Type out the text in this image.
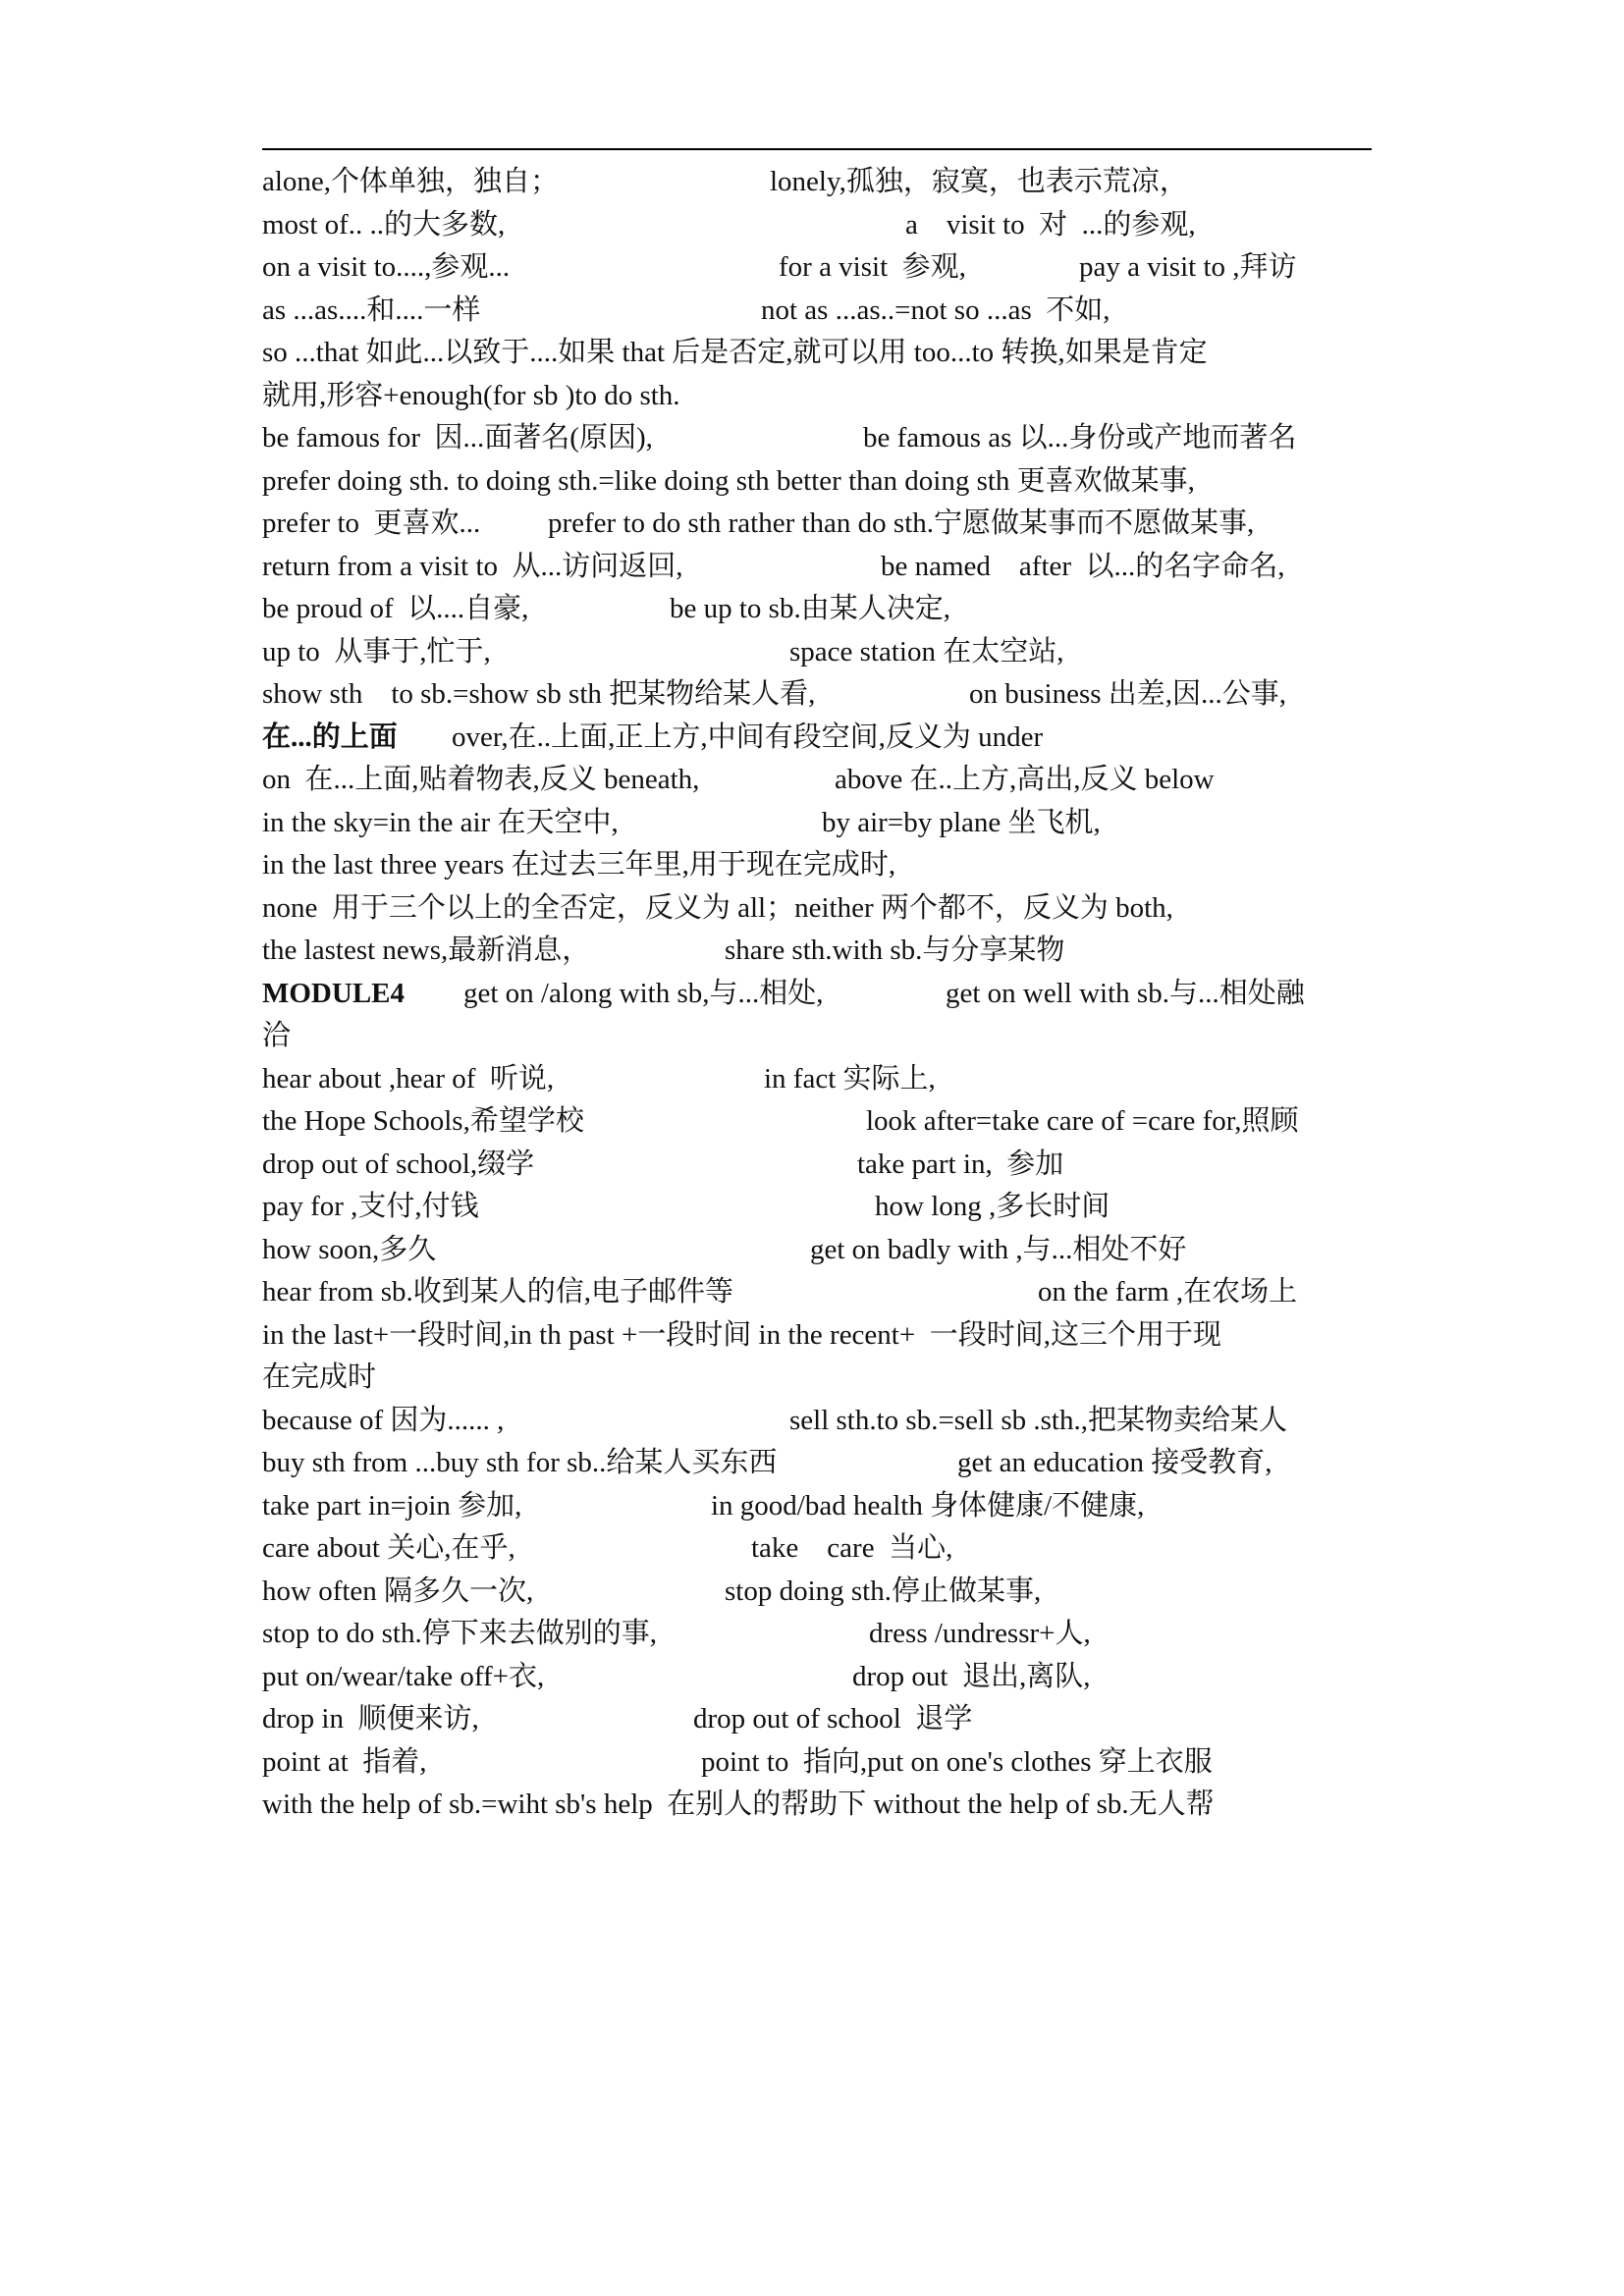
alone,个体单独，独自；	lonely,孤独，寂寞，也表示荒凉，
most of.. ..的大多数,	a    visit to  对  ...的参观,
on a visit to....,参观...	for a visit  参观,	pay a visit to ,拜访
as ...as....和....一样	not as ...as..=not so ...as  不如,
so ...that 如此...以致于....如果 that 后是否定,就可以用 too...to 转换,如果是肯定
就用,形容+enough(for sb )to do sth.
be famous for  因...面著名(原因),	be famous as 以...身份或产地而著名
prefer doing sth. to doing sth.=like doing sth better than doing sth 更喜欢做某事,
prefer to  更喜欢... prefer to do sth rather than do sth.宁愿做某事而不愿做某事,
return from a visit to  从...访问返回,	be named    after  以...的名字命名,
be proud of  以....自豪,	be up to sb.由某人决定,
up to  从事于,忙于,	space station 在太空站,
show sth    to sb.=show sb sth 把某物给某人看,	on business 出差,因...公事,
在...的上面 over,在..上面,正上方,中间有段空间,反义为 under
on  在...上面,贴着物表,反义 beneath,	above 在..上方,高出,反义 below
in the sky=in the air 在天空中,	by air=by plane 坐飞机,
in the last three years 在过去三年里,用于现在完成时,
none  用于三个以上的全否定，反义为 all；neither 两个都不，反义为 both,
the lastest news,最新消息，	share sth.with sb.与分享某物
MODULE4 get on /along with sb,与...相处,	get on well with sb.与...相处融
洽
hear about ,hear of  听说,	in fact 实际上,
the Hope Schools,希望学校	look after=take care of =care for,照顾
drop out of school,缀学	take part in,  参加
pay for ,支付,付钱	how long ,多长时间
how soon,多久	get on badly with ,与...相处不好
hear from sb.收到某人的信,电子邮件等	on the farm ,在农场上
in the last+一段时间,in th past +一段时间 in the recent+  一段时间,这三个用于现
在完成时
because of 因为...... ,	sell sth.to sb.=sell sb .sth.,把某物卖给某人
buy sth from ...buy sth for sb..给某人买东西	get an education 接受教育,
take part in=join 参加,	in good/bad health 身体健康/不健康,
care about 关心,在乎,	take    care  当心,
how often 隔多久一次,	stop doing sth.停止做某事,
stop to do sth.停下来去做别的事,	dress /undressr+人,
put on/wear/take off+衣,	drop out  退出,离队,
drop in  顺便来访,	drop out of school  退学
point at  指着,	point to  指向,put on one's clothes 穿上衣服
with the help of sb.=wiht sb's help  在别人的帮助下 without the help of sb.无人帮
